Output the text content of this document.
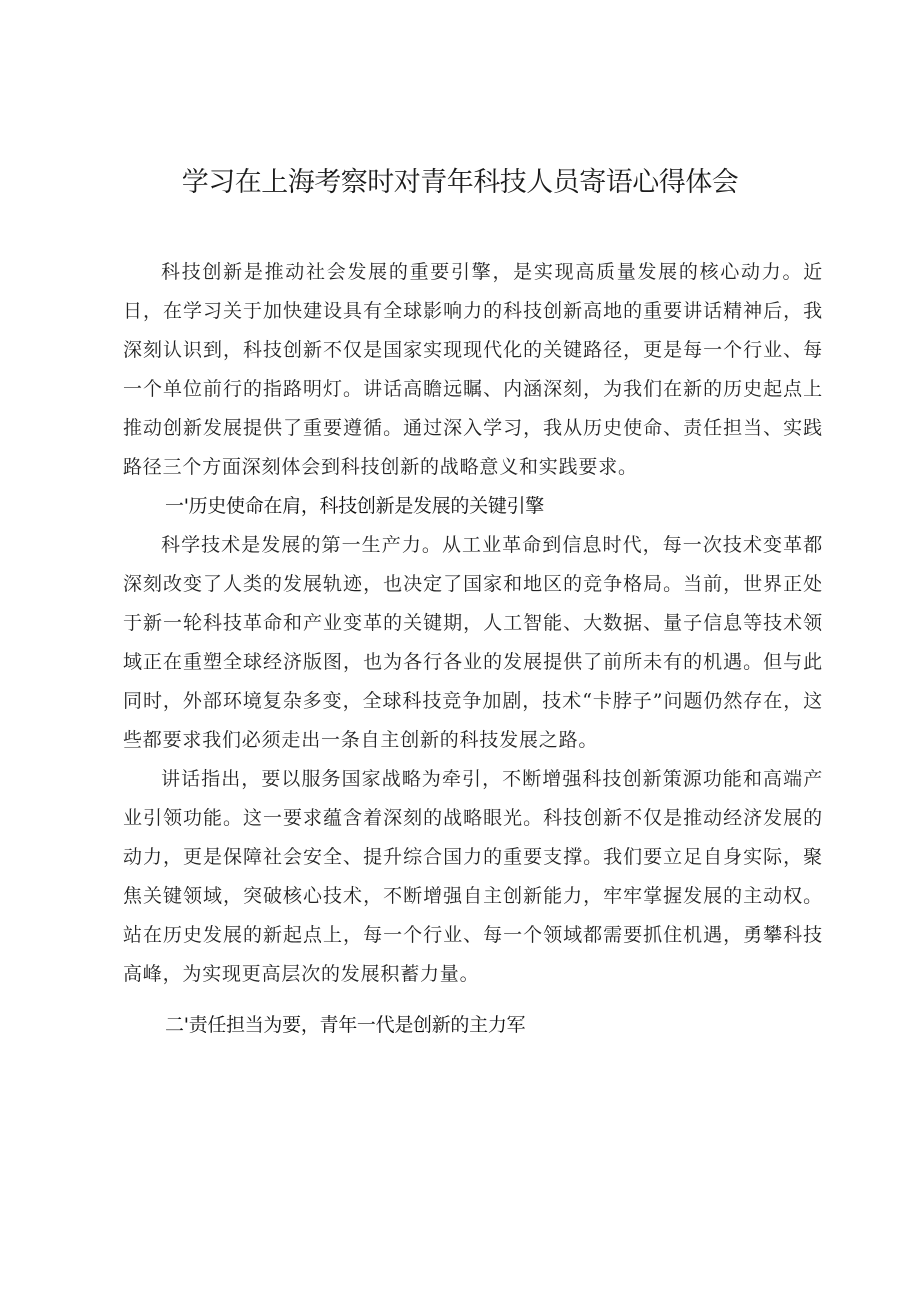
学习在上海考察时对青年科技人员寄语心得体会

科技创新是推动社会发展的重要引擎，是实现高质量发展的核心动力。近日，在学习关于加快建设具有全球影响力的科技创新高地的重要讲话精神后，我深刻认识到，科技创新不仅是国家实现现代化的关键路径，更是每一个行业、每一个单位前行的指路明灯。讲话高瞻远瞩、内涵深刻，为我们在新的历史起点上推动创新发展提供了重要遵循。通过深入学习，我从历史使命、责任担当、实践路径三个方面深刻体会到科技创新的战略意义和实践要求。

一'历史使命在肩，科技创新是发展的关键引擎

科学技术是发展的第一生产力。从工业革命到信息时代，每一次技术变革都深刻改变了人类的发展轨迹，也决定了国家和地区的竞争格局。当前，世界正处于新一轮科技革命和产业变革的关键期，人工智能、大数据、量子信息等技术领域正在重塑全球经济版图，也为各行各业的发展提供了前所未有的机遇。但与此同时，外部环境复杂多变，全球科技竞争加剧，技术“卡脖子”问题仍然存在，这些都要求我们必须走出一条自主创新的科技发展之路。

讲话指出，要以服务国家战略为牵引，不断增强科技创新策源功能和高端产业引领功能。这一要求蕴含着深刻的战略眼光。科技创新不仅是推动经济发展的动力，更是保障社会安全、提升综合国力的重要支撑。我们要立足自身实际，聚焦关键领域，突破核心技术，不断增强自主创新能力，牢牢掌握发展的主动权。站在历史发展的新起点上，每一个行业、每一个领域都需要抓住机遇，勇攀科技高峰，为实现更高层次的发展积蓄力量。

二'责任担当为要，青年一代是创新的主力军
